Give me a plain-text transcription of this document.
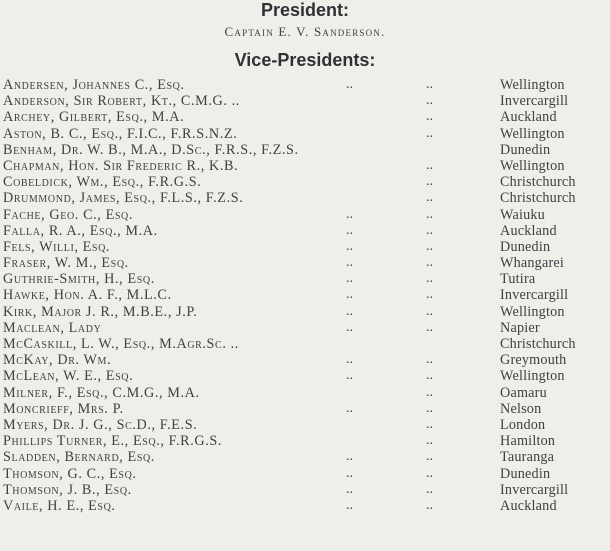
President:
Captain E. V. Sanderson.
Vice-Presidents:
Andersen, Johannes C., Esq.	..	..	Wellington
Anderson, Sir Robert, Kt., C.M.G. ..	..	Invercargill
Archey, Gilbert, Esq., M.A.	..	Auckland
Aston, B. C., Esq., F.I.C., F.R.S.N.Z.	..	Wellington
Benham, Dr. W. B., M.A., D.Sc., F.R.S., F.Z.S.	Dunedin
Chapman, Hon. Sir Frederic R., K.B.	..	Wellington
Cobeldick, Wm., Esq., F.R.G.S.	..	Christchurch
Drummond, James, Esq., F.L.S., F.Z.S.	..	Christchurch
Fache, Geo. C., Esq.	..	..	Waiuku
Falla, R. A., Esq., M.A.	..	..	Auckland
Fels, Willi, Esq.	..	..	Dunedin
Fraser, W. M., Esq.	..	..	Whangarei
Guthrie-Smith, H., Esq.	..	..	Tutira
Hawke, Hon. A. F., M.L.C.	..	..	Invercargill
Kirk, Major J. R., M.B.E., J.P.	..	..	Wellington
Maclean, Lady	..	..	Napier
McCaskill, L. W., Esq., M.Agr.Sc. ..	Christchurch
McKay, Dr. Wm.	..	..	Greymouth
McLean, W. E., Esq.	..	..	Wellington
Milner, F., Esq., C.M.G., M.A.	..	Oamaru
Moncrieff, Mrs. P.	..	..	Nelson
Myers, Dr. J. G., Sc.D., F.E.S.	..	London
Phillips Turner, E., Esq., F.R.G.S.	..	Hamilton
Sladden, Bernard, Esq.	..	..	Tauranga
Thomson, G. C., Esq.	..	..	Dunedin
Thomson, J. B., Esq.	..	..	Invercargill
Vaile, H. E., Esq.	..	..	Auckland
